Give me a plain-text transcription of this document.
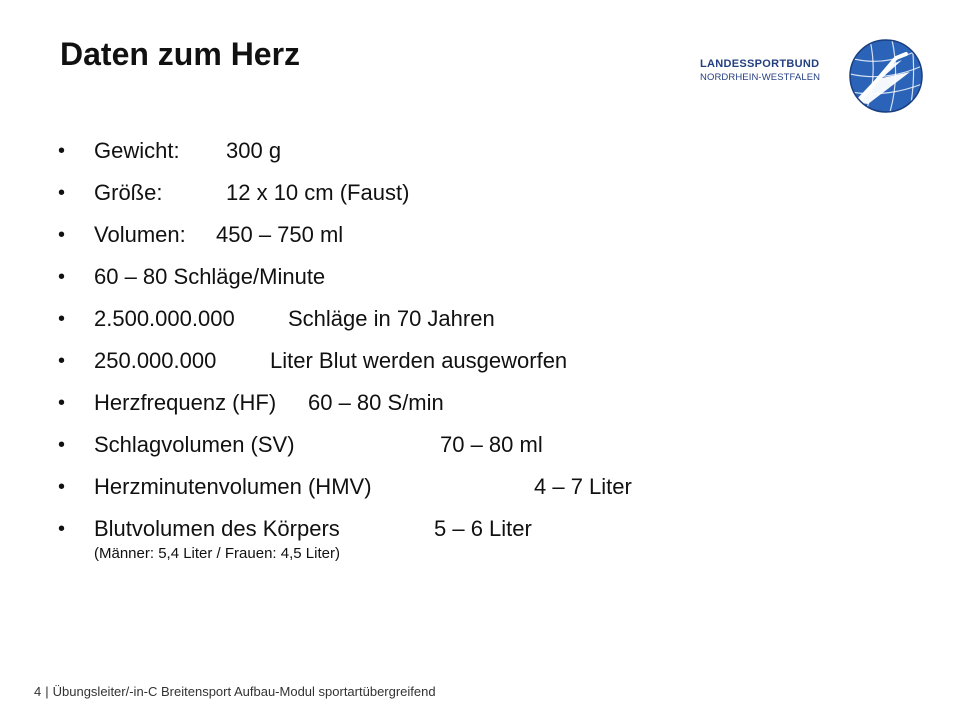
Daten zum Herz	LANDESSPORTBUND
NORDRHEIN-WESTFALEN
• Gewicht: 300 g
• Größe:	12 x 10 cm (Faust)
• Volumen: 450 – 750 ml
• 60 – 80 Schläge/Minute
• 2.500.000.000 Schläge in 70 Jahren
• 250.000.000 Liter Blut werden ausgeworfen
• Herzfrequenz (HF) 60 – 80 S/min
• Schlagvolumen (SV)	70 – 80 ml
• Herzminutenvolumen (HMV)	4 – 7 Liter
• Blutvolumen des Körpers	5 – 6 Liter
(Männer: 5,4 Liter / Frauen: 4,5 Liter)
4 | Übungsleiter/-in-C Breitensport Aufbau-Modul sportartübergreifend
